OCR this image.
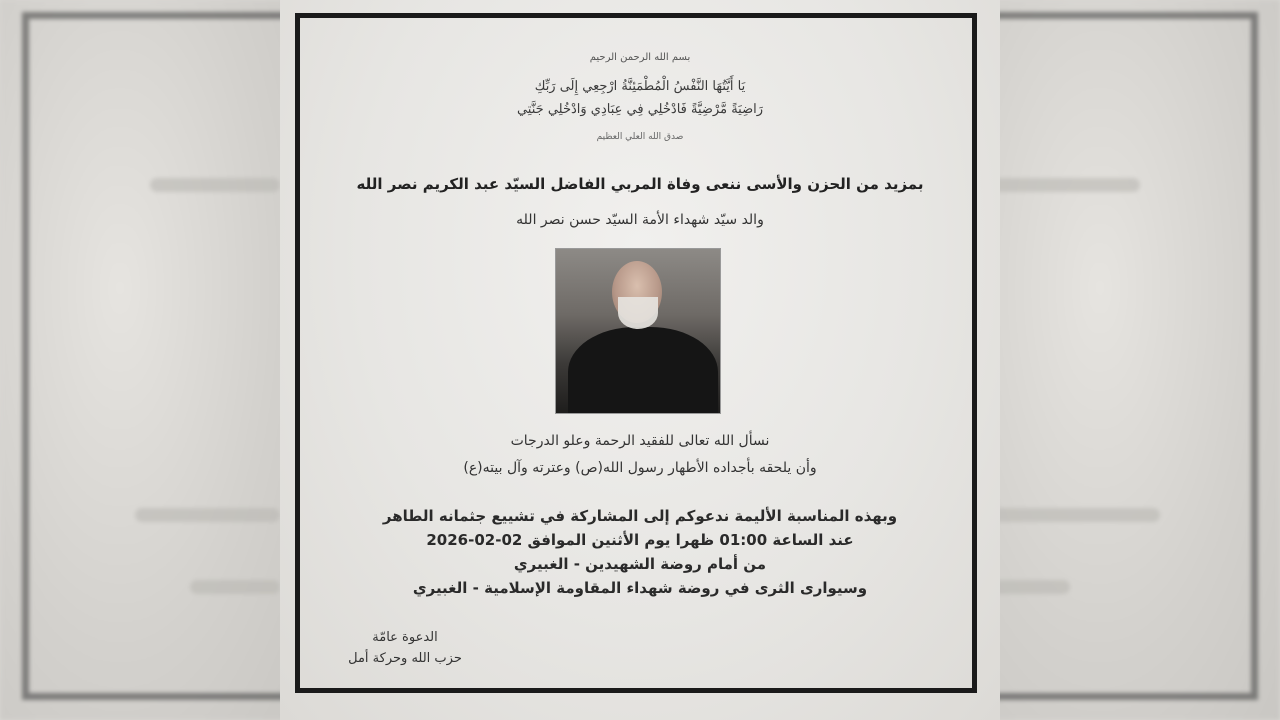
بسم الله الرحمن الرحيم
يَا أَيَّتُهَا النَّفْسُ الْمُطْمَئِنَّةُ ارْجِعِي إِلَى رَبِّكِ
رَاضِيَةً مَّرْضِيَّةً فَادْخُلِي فِي عِبَادِي وَادْخُلِي جَنَّتِي
صدق الله العلي العظيم
بمزيد من الحزن والأسى ننعى وفاة المربي الفاضل السيّد عبد الكريم نصر الله
والد سيّد شهداء الأمة السيّد حسن نصر الله
نسأل الله تعالى للفقيد الرحمة وعلو الدرجات
وأن يلحقه بأجداده الأطهار رسول الله(ص) وعترته وآل بيته(ع)
وبهذه المناسبة الأليمة ندعوكم إلى المشاركة في تشييع جثمانه الطاهر
عند الساعة 01:00 ظهرا يوم الأثنين الموافق 02-02-2026
من أمام روضة الشهيدين - الغبيري
وسيوارى الثرى في روضة شهداء المقاومة الإسلامية - الغبيري
الدعوة عامّة
حزب الله وحركة أمل
